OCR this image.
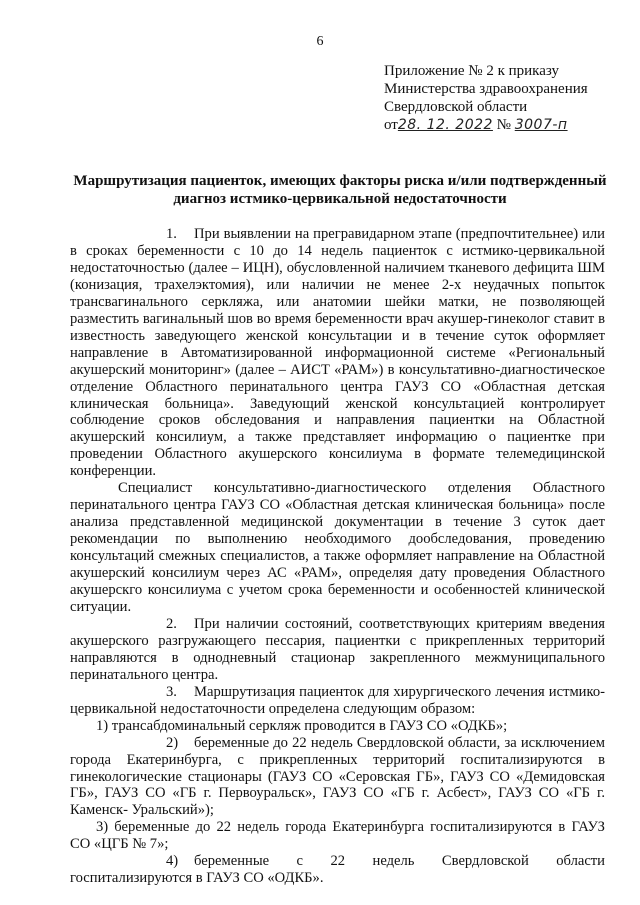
6
Приложение № 2 к приказу
Министерства здравоохранения
Свердловской области
от28. 12. 2022 № 3007-п
Маршрутизация пациенток, имеющих факторы риска и/или подтвержденный диагноз истмико-цервикальной недостаточности

1. При выявлении на прегравидарном этапе (предпочтительнее) или в сроках беременности с 10 до 14 недель пациенток с истмико-цервикальной недостаточностью (далее – ИЦН), обусловленной наличием тканевого дефицита ШМ (конизация, трахелэктомия), или наличии не менее 2-х неудачных попыток трансвагинального серкляжа, или анатомии шейки матки, не позволяющей разместить вагинальный шов во время беременности врач акушер-гинеколог ставит в известность заведующего женской консультации и в течение суток оформляет направление в Автоматизированной информационной системе «Региональный акушерский мониторинг» (далее – АИСТ «РАМ») в консультативно-диагностическое отделение Областного перинатального центра ГАУЗ СО «Областная детская клиническая больница». Заведующий женской консультацией контролирует соблюдение сроков обследования и направления пациентки на Областной акушерский консилиум, а также представляет информацию о пациентке при проведении Областного акушерского консилиума в формате телемедицинской конференции.

Специалист консультативно-диагностического отделения Областного перинатального центра ГАУЗ СО «Областная детская клиническая больница» после анализа представленной медицинской документации в течение 3 суток дает рекомендации по выполнению необходимого дообследования, проведению консультаций смежных специалистов, а также оформляет направление на Областной акушерский консилиум через АС «РАМ», определяя дату проведения Областного акушерскго консилиума с учетом срока беременности и особенностей клинической ситуации.

2. При наличии состояний, соответствующих критериям введения акушерского разгружающего пессария, пациентки с прикрепленных территорий направляются в однодневный стационар закрепленного межмуниципального перинатального центра.

3. Маршрутизация пациенток для хирургического лечения истмико-цервикальной недостаточности определена следующим образом:

1) трансабдоминальный серкляж проводится в ГАУЗ СО «ОДКБ»;

2) беременные до 22 недель Свердловской области, за исключением города Екатеринбурга, с прикрепленных территорий госпитализируются в гинекологические стационары (ГАУЗ СО «Серовская ГБ», ГАУЗ СО «Демидовская ГБ», ГАУЗ СО «ГБ г. Первоуральск», ГАУЗ СО «ГБ г. Асбест», ГАУЗ СО «ГБ г. Каменск- Уральский»);

3) беременные до 22 недель города Екатеринбурга госпитализируются в ГАУЗ СО «ЦГБ № 7»;

4) беременные с 22 недель Свердловской области госпитализируются в ГАУЗ СО «ОДКБ».
